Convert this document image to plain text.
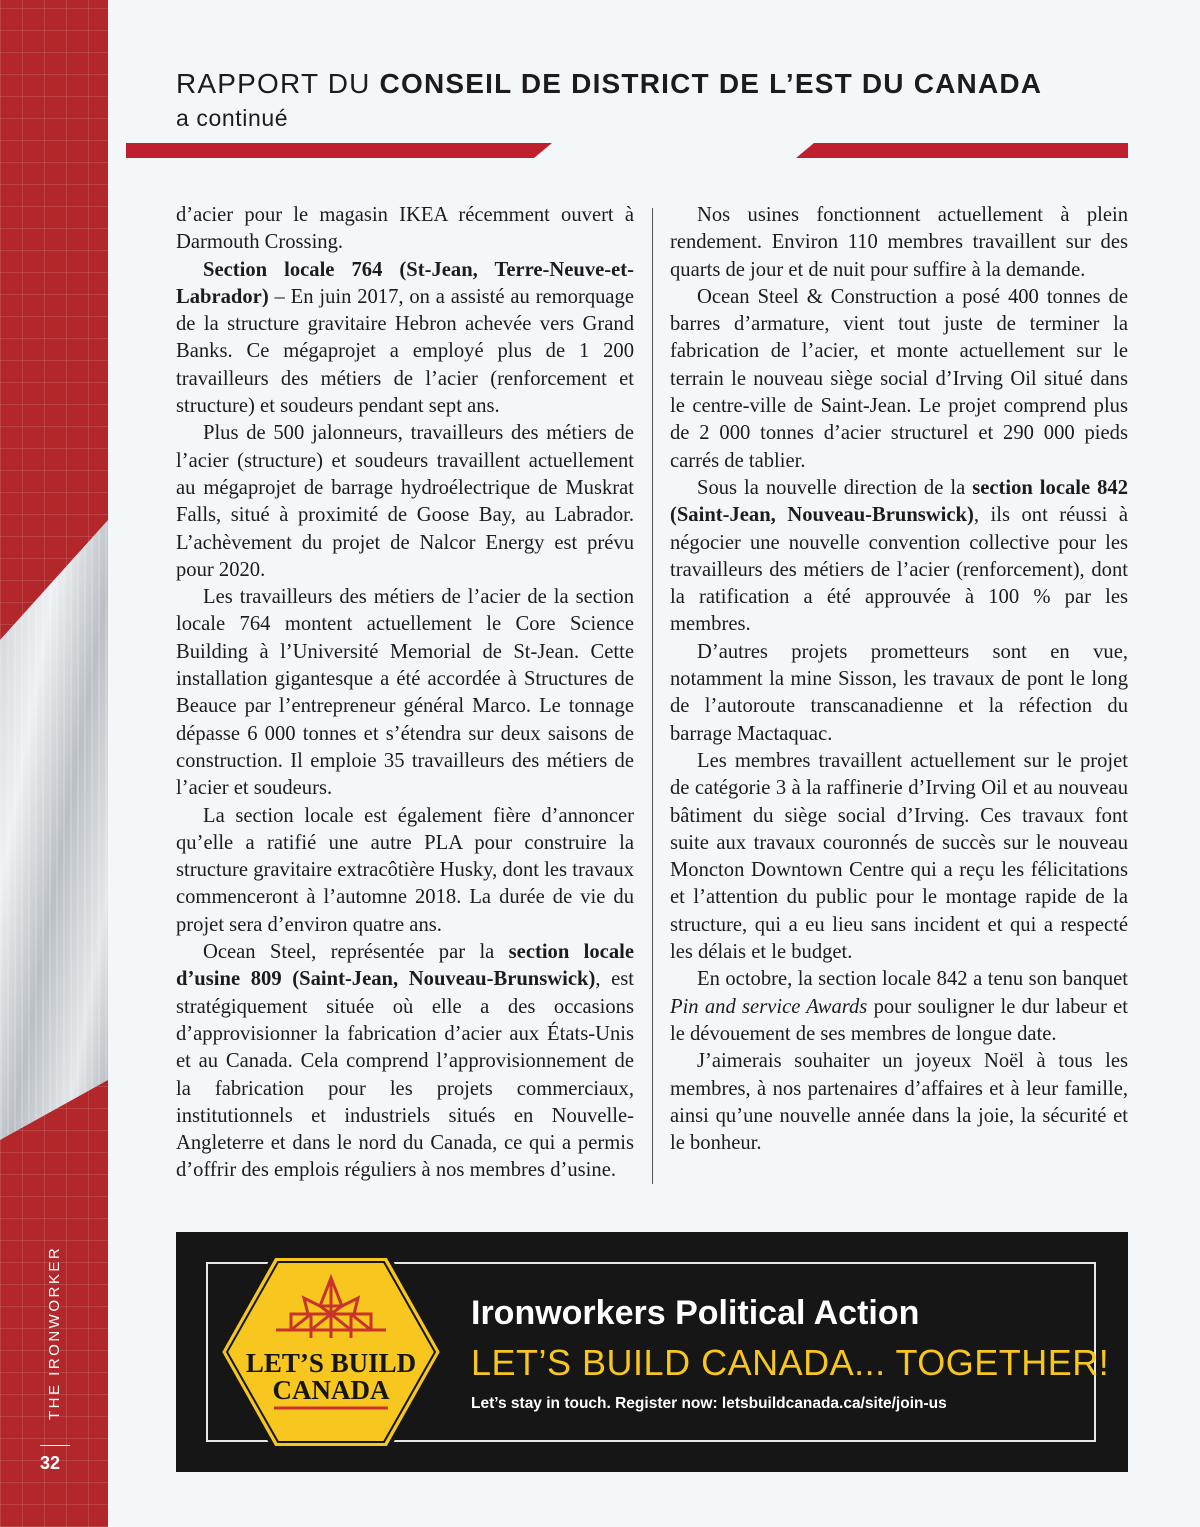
THE IRONWORKER
32
RAPPORT DU CONSEIL DE DISTRICT DE L’EST DU CANADA
a continué

d’acier pour le magasin IKEA récemment ouvert à Darmouth Crossing.

Section locale 764 (St-Jean, Terre-Neuve-et-Labrador) – En juin 2017, on a assisté au remorquage de la structure gravitaire Hebron achevée vers Grand Banks. Ce mégaprojet a employé plus de 1 200 travailleurs des métiers de l’acier (renforcement et structure) et soudeurs pendant sept ans.

Plus de 500 jalonneurs, travailleurs des métiers de l’acier (structure) et soudeurs travaillent actuellement au mégaprojet de barrage hydroélectrique de Muskrat Falls, situé à proximité de Goose Bay, au Labrador. L’achèvement du projet de Nalcor Energy est prévu pour 2020.

Les travailleurs des métiers de l’acier de la section locale 764 montent actuellement le Core Science Building à l’Université Memorial de St-Jean. Cette installation gigantesque a été accordée à Structures de Beauce par l’entrepreneur général Marco. Le tonnage dépasse 6 000 tonnes et s’étendra sur deux saisons de construction. Il emploie 35 travailleurs des métiers de l’acier et soudeurs.

La section locale est également fière d’annoncer qu’elle a ratifié une autre PLA pour construire la structure gravitaire extracôtière Husky, dont les travaux commenceront à l’automne 2018. La durée de vie du projet sera d’environ quatre ans.

Ocean Steel, représentée par la section locale d’usine 809 (Saint-Jean, Nouveau-Brunswick), est stratégiquement située où elle a des occasions d’approvisionner la fabrication d’acier aux États-Unis et au Canada. Cela comprend l’approvisionnement de la fabrication pour les projets commerciaux, institutionnels et industriels situés en Nouvelle-Angleterre et dans le nord du Canada, ce qui a permis d’offrir des emplois réguliers à nos membres d’usine.

Nos usines fonctionnent actuellement à plein rendement. Environ 110 membres travaillent sur des quarts de jour et de nuit pour suffire à la demande.

Ocean Steel & Construction a posé 400 tonnes de barres d’armature, vient tout juste de terminer la fabrication de l’acier, et monte actuellement sur le terrain le nouveau siège social d’Irving Oil situé dans le centre-ville de Saint-Jean. Le projet comprend plus de 2 000 tonnes d’acier structurel et 290 000 pieds carrés de tablier.

Sous la nouvelle direction de la section locale 842 (Saint-Jean, Nouveau-Brunswick), ils ont réussi à négocier une nouvelle convention collective pour les travailleurs des métiers de l’acier (renforcement), dont la ratification a été approuvée à 100 % par les membres.

D’autres projets prometteurs sont en vue, notamment la mine Sisson, les travaux de pont le long de l’autoroute transcanadienne et la réfection du barrage Mactaquac.

Les membres travaillent actuellement sur le projet de catégorie 3 à la raffinerie d’Irving Oil et au nouveau bâtiment du siège social d’Irving. Ces travaux font suite aux travaux couronnés de succès sur le nouveau Moncton Downtown Centre qui a reçu les félicitations et l’attention du public pour le montage rapide de la structure, qui a eu lieu sans incident et qui a respecté les délais et le budget.

En octobre, la section locale 842 a tenu son banquet Pin and service Awards pour souligner le dur labeur et le dévouement de ses membres de longue date.

J’aimerais souhaiter un joyeux Noël à tous les membres, à nos partenaires d’affaires et à leur famille, ainsi qu’une nouvelle année dans la joie, la sécurité et le bonheur.

LET’S BUILD
CANADA
Ironworkers Political Action
LET’S BUILD CANADA... TOGETHER!
Let’s stay in touch. Register now: letsbuildcanada.ca/site/join-us
